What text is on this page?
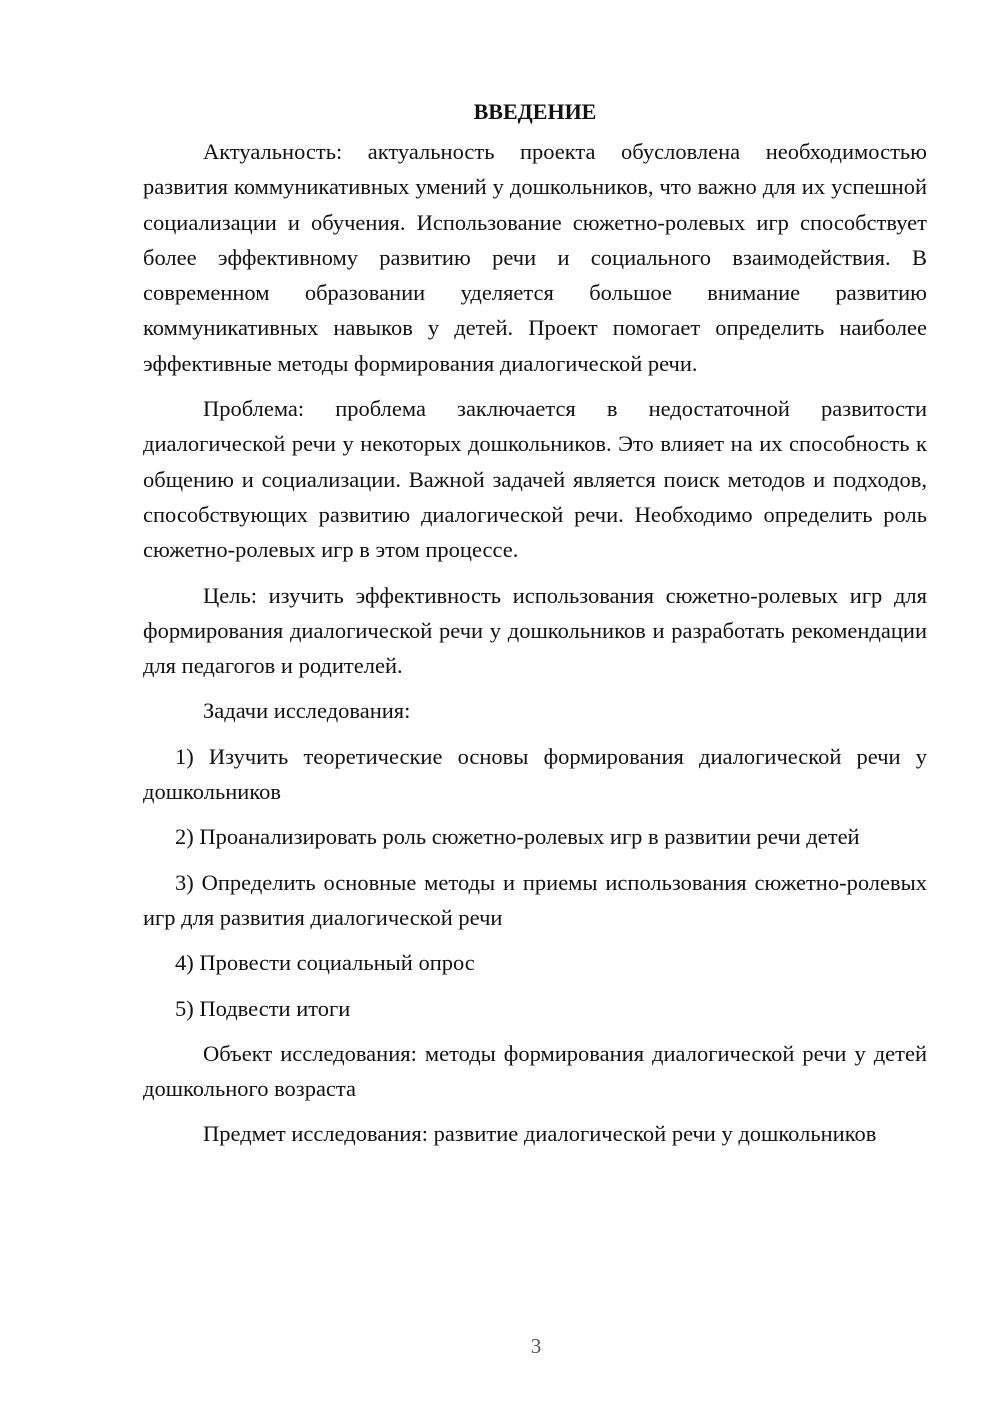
ВВЕДЕНИЕ

Актуальность: актуальность проекта обусловлена необходимостью развития коммуникативных умений у дошкольников, что важно для их успешной социализации и обучения. Использование сюжетно-ролевых игр способствует более эффективному развитию речи и социального взаимодействия. В современном образовании уделяется большое внимание развитию коммуникативных навыков у детей. Проект помогает определить наиболее эффективные методы формирования диалогической речи.

Проблема: проблема заключается в недостаточной развитости диалогической речи у некоторых дошкольников. Это влияет на их способность к общению и социализации. Важной задачей является поиск методов и подходов, способствующих развитию диалогической речи. Необходимо определить роль сюжетно-ролевых игр в этом процессе.

Цель: изучить эффективность использования сюжетно-ролевых игр для формирования диалогической речи у дошкольников и разработать рекомендации для педагогов и родителей.

Задачи исследования:

1) Изучить теоретические основы формирования диалогической речи у дошкольников

2) Проанализировать роль сюжетно-ролевых игр в развитии речи детей

3) Определить основные методы и приемы использования сюжетно-ролевых игр для развития диалогической речи

4) Провести социальный опрос

5) Подвести итоги

Объект исследования: методы формирования диалогической речи у детей дошкольного возраста

Предмет исследования: развитие диалогической речи у дошкольников

3
